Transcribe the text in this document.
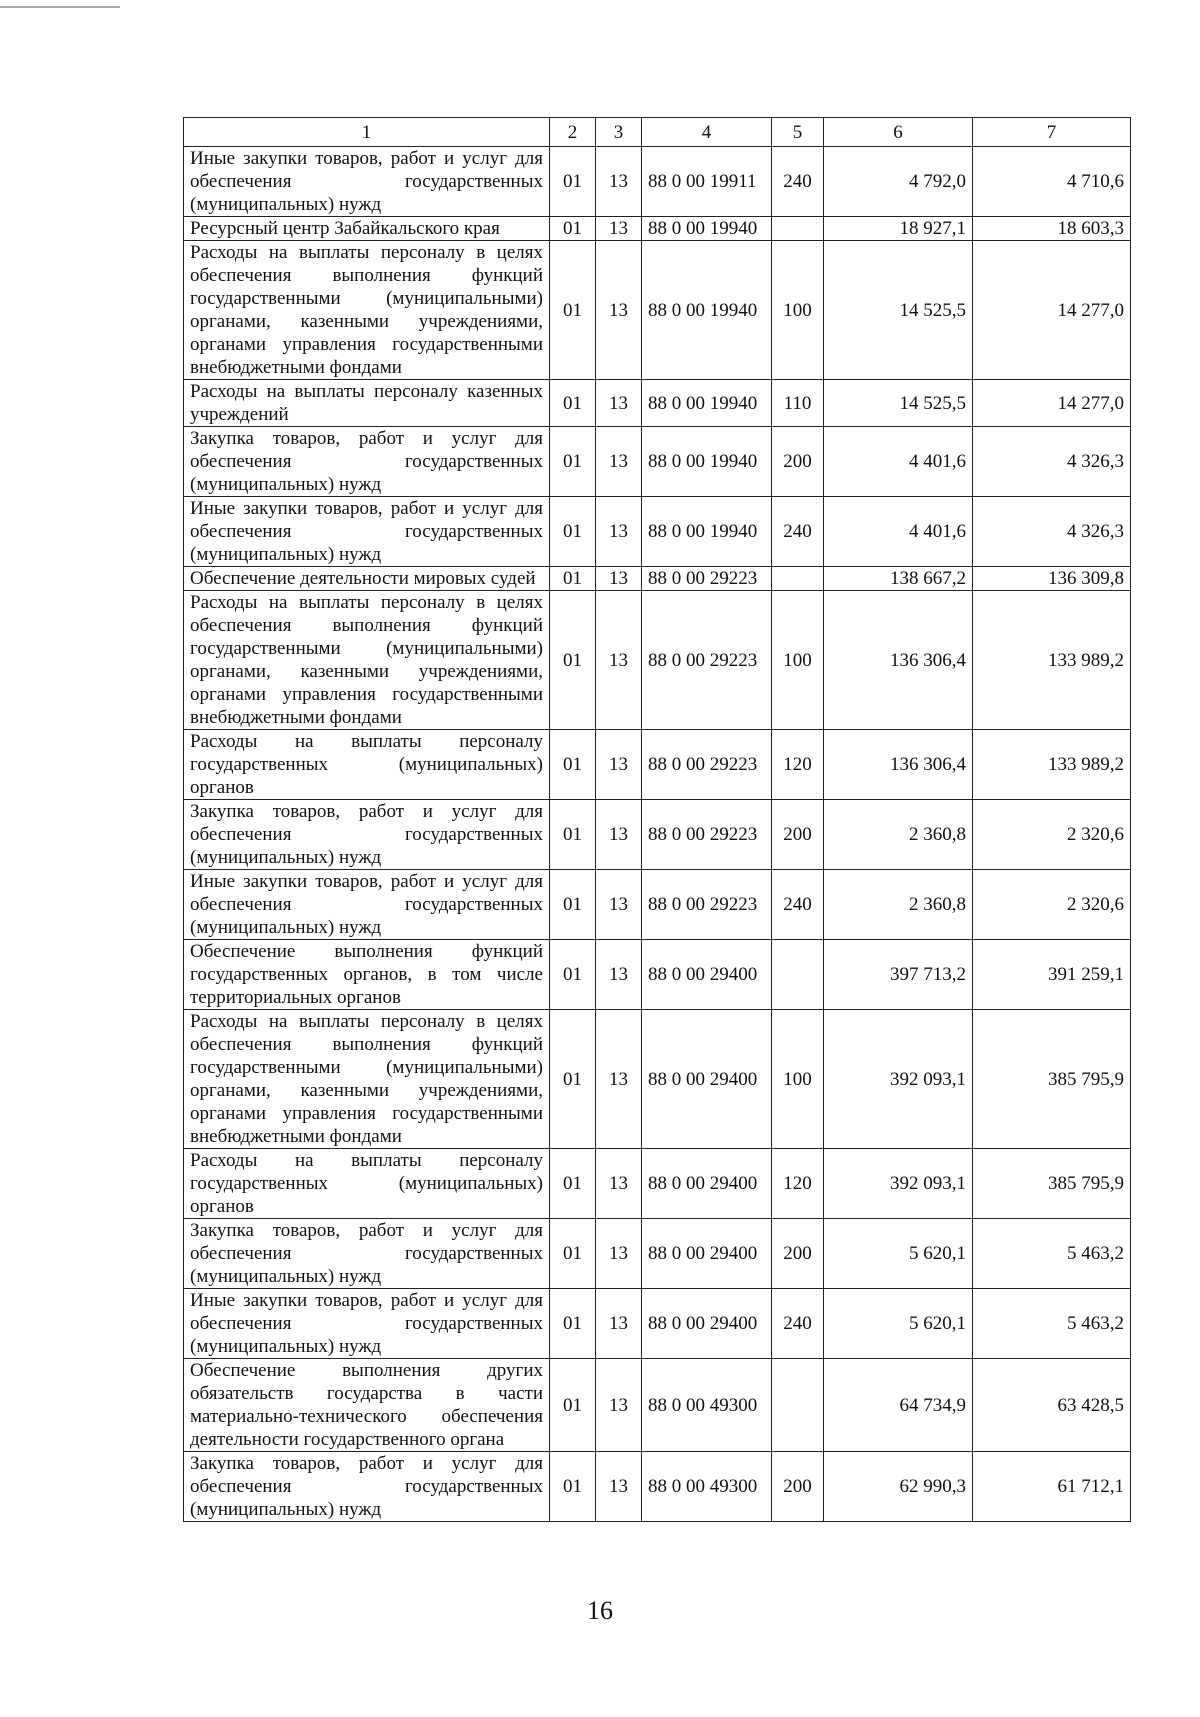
1	2	3	4	5	6	7
Иные закупки товаров, работ и услуг для обеспечения государственных (муниципальных) нужд	01	13	88 0 00 19911	240	4 792,0	4 710,6
Ресурсный центр Забайкальского края	01	13	88 0 00 19940		18 927,1	18 603,3
Расходы на выплаты персоналу в целях обеспечения выполнения функций государственными (муниципальными) органами, казенными учреждениями, органами управления государственными внебюджетными фондами	01	13	88 0 00 19940	100	14 525,5	14 277,0
Расходы на выплаты персоналу казенных учреждений	01	13	88 0 00 19940	110	14 525,5	14 277,0
Закупка товаров, работ и услуг для обеспечения государственных (муниципальных) нужд	01	13	88 0 00 19940	200	4 401,6	4 326,3
Иные закупки товаров, работ и услуг для обеспечения государственных (муниципальных) нужд	01	13	88 0 00 19940	240	4 401,6	4 326,3
Обеспечение деятельности мировых судей	01	13	88 0 00 29223		138 667,2	136 309,8
Расходы на выплаты персоналу в целях обеспечения выполнения функций государственными (муниципальными) органами, казенными учреждениями, органами управления государственными внебюджетными фондами	01	13	88 0 00 29223	100	136 306,4	133 989,2
Расходы на выплаты персоналу государственных (муниципальных) органов	01	13	88 0 00 29223	120	136 306,4	133 989,2
Закупка товаров, работ и услуг для обеспечения государственных (муниципальных) нужд	01	13	88 0 00 29223	200	2 360,8	2 320,6
Иные закупки товаров, работ и услуг для обеспечения государственных (муниципальных) нужд	01	13	88 0 00 29223	240	2 360,8	2 320,6
Обеспечение выполнения функций государственных органов, в том числе территориальных органов	01	13	88 0 00 29400		397 713,2	391 259,1
Расходы на выплаты персоналу в целях обеспечения выполнения функций государственными (муниципальными) органами, казенными учреждениями, органами управления государственными внебюджетными фондами	01	13	88 0 00 29400	100	392 093,1	385 795,9
Расходы на выплаты персоналу государственных (муниципальных) органов	01	13	88 0 00 29400	120	392 093,1	385 795,9
Закупка товаров, работ и услуг для обеспечения государственных (муниципальных) нужд	01	13	88 0 00 29400	200	5 620,1	5 463,2
Иные закупки товаров, работ и услуг для обеспечения государственных (муниципальных) нужд	01	13	88 0 00 29400	240	5 620,1	5 463,2
Обеспечение выполнения других обязательств государства в части материально-технического обеспечения деятельности государственного органа	01	13	88 0 00 49300		64 734,9	63 428,5
Закупка товаров, работ и услуг для обеспечения государственных (муниципальных) нужд	01	13	88 0 00 49300	200	62 990,3	61 712,1
16
